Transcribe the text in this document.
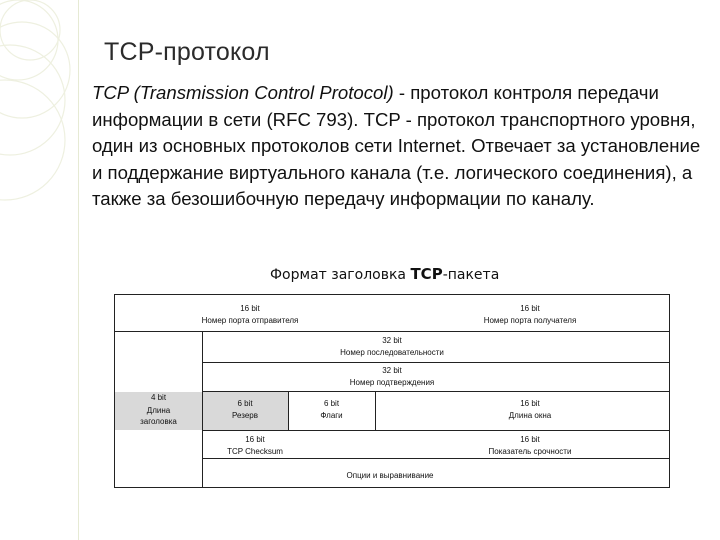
TCP-протокол
TCP (Transmission Control Protocol) - протокол контроля передачи информации в сети (RFC 793). TCP - протокол транспортного уровня, один из основных протоколов сети Internet. Отвечает за установление и поддержание виртуального канала (т.е. логического соединения), а также за безошибочную передачу информации по каналу.
Формат заголовка TCP-пакета
16 bit
Номер порта отправителя
16 bit
Номер порта получателя
32 bit
Номер последовательности
32 bit
Номер подтверждения
4 bit
Длина
заголовка
6 bit
Резерв
6 bit
Флаги
16 bit
Длина окна
16 bit
TCP Checksum
16 bit
Показатель срочности
Опции и выравнивание
